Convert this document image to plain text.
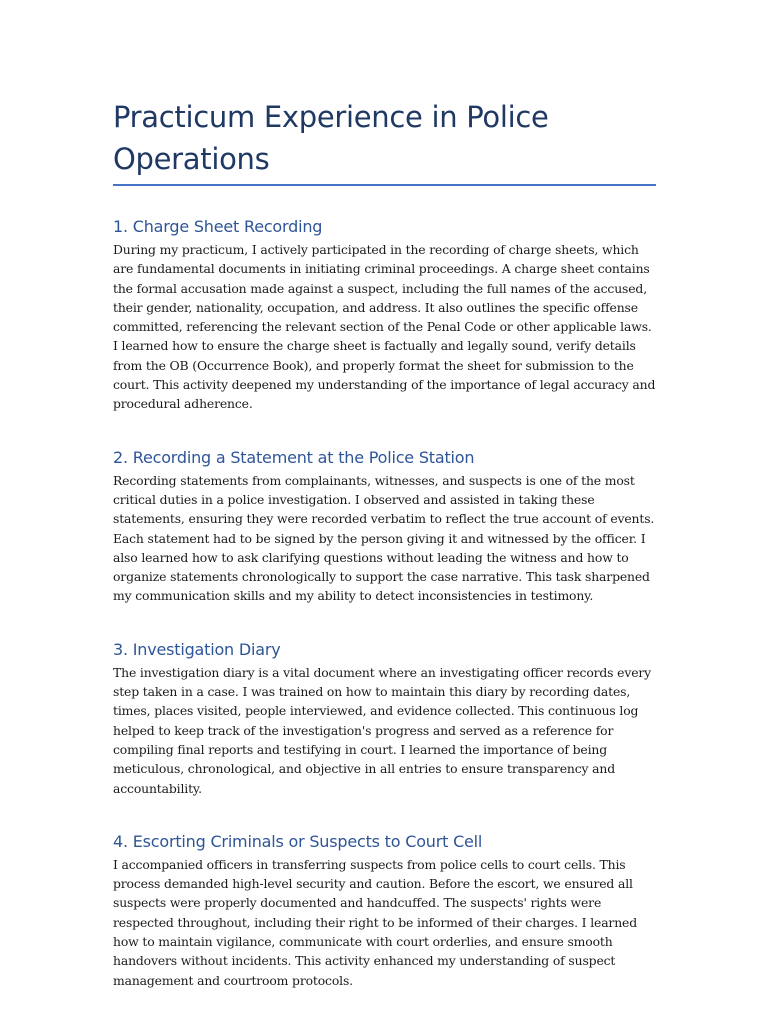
Practicum Experience in Police Operations
1. Charge Sheet Recording

During my practicum, I actively participated in the recording of charge sheets, which are fundamental documents in initiating criminal proceedings. A charge sheet contains the formal accusation made against a suspect, including the full names of the accused, their gender, nationality, occupation, and address. It also outlines the specific offense committed, referencing the relevant section of the Penal Code or other applicable laws. I learned how to ensure the charge sheet is factually and legally sound, verify details from the OB (Occurrence Book), and properly format the sheet for submission to the court. This activity deepened my understanding of the importance of legal accuracy and procedural adherence.

2. Recording a Statement at the Police Station

Recording statements from complainants, witnesses, and suspects is one of the most critical duties in a police investigation. I observed and assisted in taking these statements, ensuring they were recorded verbatim to reflect the true account of events. Each statement had to be signed by the person giving it and witnessed by the officer. I also learned how to ask clarifying questions without leading the witness and how to organize statements chronologically to support the case narrative. This task sharpened my communication skills and my ability to detect inconsistencies in testimony.

3. Investigation Diary

The investigation diary is a vital document where an investigating officer records every step taken in a case. I was trained on how to maintain this diary by recording dates, times, places visited, people interviewed, and evidence collected. This continuous log helped to keep track of the investigation's progress and served as a reference for compiling final reports and testifying in court. I learned the importance of being meticulous, chronological, and objective in all entries to ensure transparency and accountability.

4. Escorting Criminals or Suspects to Court Cell

I accompanied officers in transferring suspects from police cells to court cells. This process demanded high-level security and caution. Before the escort, we ensured all suspects were properly documented and handcuffed. The suspects' rights were respected throughout, including their right to be informed of their charges. I learned how to maintain vigilance, communicate with court orderlies, and ensure smooth handovers without incidents. This activity enhanced my understanding of suspect management and courtroom protocols.
